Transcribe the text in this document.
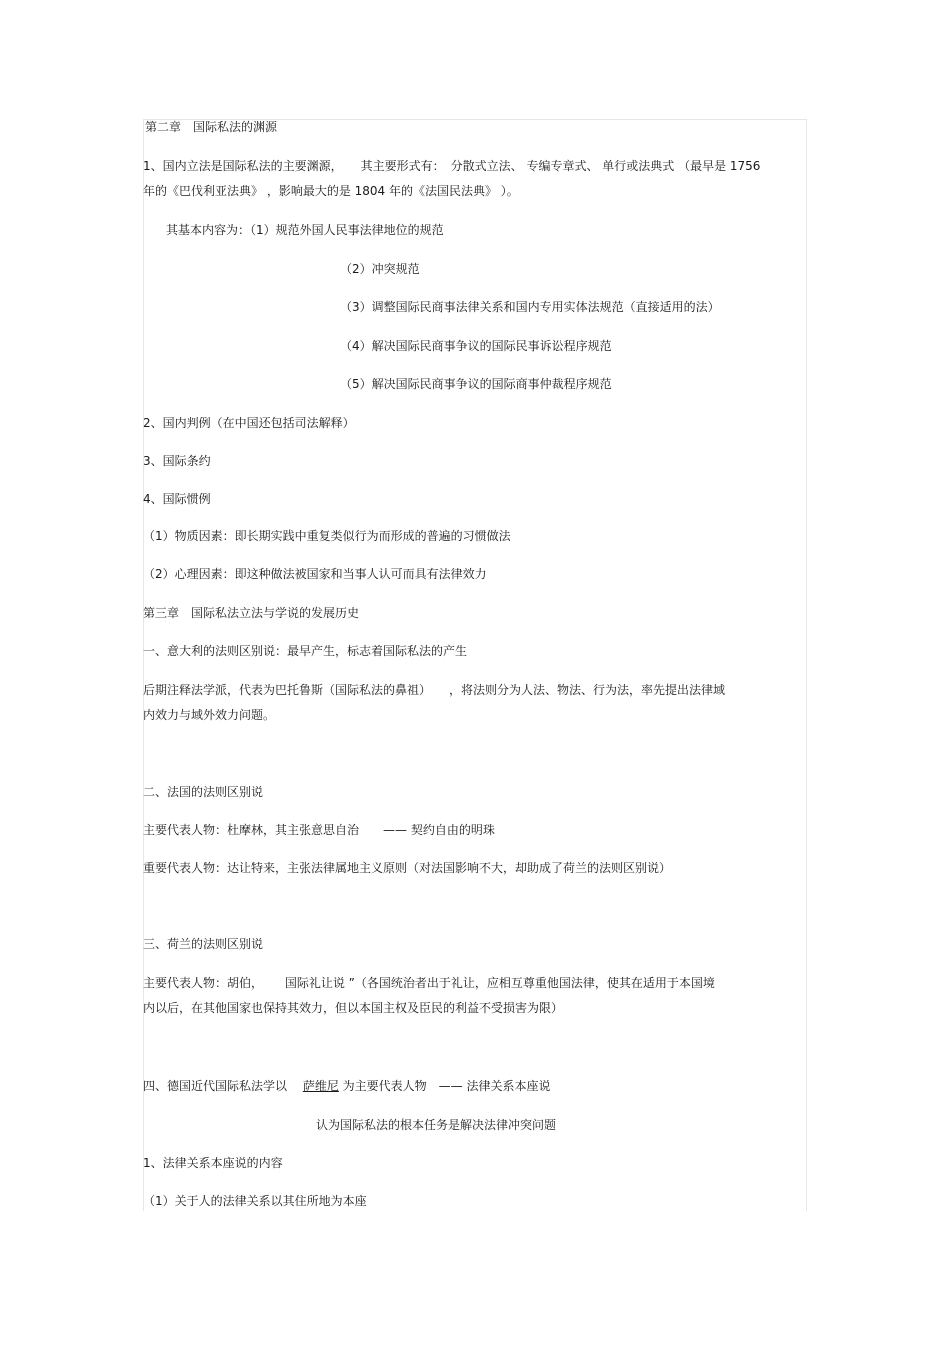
第二章　国际私法的渊源
1、国内立法是国际私法的主要渊源，　　其主要形式有：　分散式立法、 专编专章式、 单行或法典式 （最早是 1756
年的《巴伐利亚法典》 ，影响最大的是 1804 年的《法国民法典》 ）。
其基本内容为：（1）规范外国人民事法律地位的规范
（2）冲突规范
（3）调整国际民商事法律关系和国内专用实体法规范（直接适用的法）
（4）解决国际民商事争议的国际民事诉讼程序规范
（5）解决国际民商事争议的国际商事仲裁程序规范
2、国内判例（在中国还包括司法解释）
3、国际条约
4、国际惯例
（1）物质因素：即长期实践中重复类似行为而形成的普遍的习惯做法
（2）心理因素：即这种做法被国家和当事人认可而具有法律效力
第三章　国际私法立法与学说的发展历史
一、意大利的法则区别说：最早产生，标志着国际私法的产生
后期注释法学派，代表为巴托鲁斯（国际私法的鼻祖）　　，将法则分为人法、物法、行为法，率先提出法律域
内效力与域外效力问题。
二、法国的法则区别说
主要代表人物：杜摩林，其主张意思自治　　—— 契约自由的明珠
重要代表人物：达让特来，主张法律属地主义原则（对法国影响不大，却助成了荷兰的法则区别说）
三、荷兰的法则区别说
主要代表人物：胡伯，　　 国际礼让说 ”（各国统治者出于礼让，应相互尊重他国法律，使其在适用于本国境
内以后，在其他国家也保持其效力，但以本国主权及臣民的利益不受损害为限）
四、德国近代国际私法学以　 萨维尼 为主要代表人物　—— 法律关系本座说
认为国际私法的根本任务是解决法律冲突问题
1、法律关系本座说的内容
（1）关于人的法律关系以其住所地为本座
